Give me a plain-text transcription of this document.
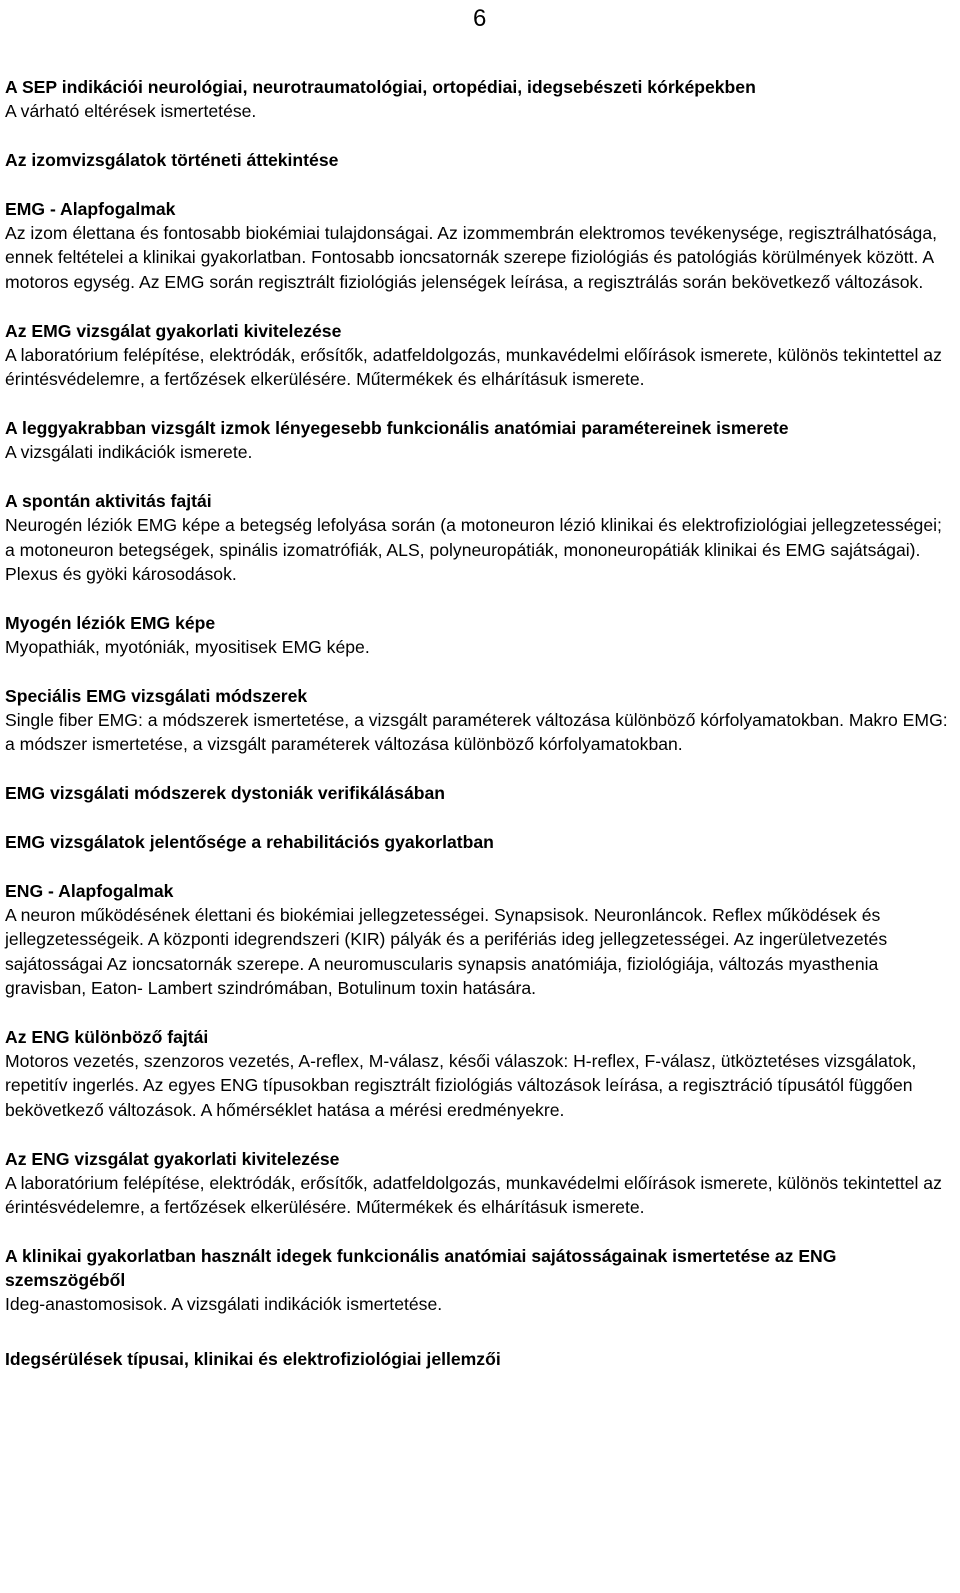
6

A SEP indikációi neurológiai, neurotraumatológiai, ortopédiai, idegsebészeti kórképekben

A várható eltérések ismertetése.

Az izomvizsgálatok történeti áttekintése

EMG - Alapfogalmak

Az izom élettana és fontosabb biokémiai tulajdonságai. Az izommembrán elektromos tevékenysége, regisztrálhatósága, ennek feltételei a klinikai gyakorlatban. Fontosabb ioncsatornák szerepe fiziológiás és patológiás körülmények között. A motoros egység. Az EMG során regisztrált fiziológiás jelenségek leírása, a regisztrálás során bekövetkező változások.

Az EMG vizsgálat gyakorlati kivitelezése

A laboratórium felépítése, elektródák, erősítők, adatfeldolgozás, munkavédelmi előírások ismerete, különös tekintettel az érintésvédelemre, a fertőzések elkerülésére. Műtermékek és elhárításuk ismerete.

A leggyakrabban vizsgált izmok lényegesebb funkcionális anatómiai paramétereinek ismerete

A vizsgálati indikációk ismerete.

A spontán aktivitás fajtái

Neurogén léziók EMG képe a betegség lefolyása során (a motoneuron lézió klinikai és elektrofiziológiai jellegzetességei; a motoneuron betegségek, spinális izomatrófiák, ALS, polyneuropátiák, mononeuropátiák klinikai és EMG sajátságai). Plexus és gyöki károsodások.

Myogén léziók EMG képe

Myopathiák, myotóniák, myositisek EMG képe.

Speciális EMG vizsgálati módszerek

Single fiber EMG: a módszerek ismertetése, a vizsgált paraméterek változása különböző kórfolyamatokban. Makro EMG: a módszer ismertetése, a vizsgált paraméterek változása különböző kórfolyamatokban.

EMG vizsgálati módszerek dystoniák verifikálásában

EMG vizsgálatok jelentősége a rehabilitációs gyakorlatban

ENG - Alapfogalmak

A neuron működésének élettani és biokémiai jellegzetességei. Synapsisok. Neuronláncok. Reflex működések és jellegzetességeik. A központi idegrendszeri (KIR) pályák és a perifériás ideg jellegzetességei. Az ingerületvezetés sajátosságai Az ioncsatornák szerepe. A neuromuscularis synapsis anatómiája, fiziológiája, változás myasthenia gravisban, Eaton- Lambert szindrómában, Botulinum toxin hatására.

Az ENG különböző fajtái

Motoros vezetés, szenzoros vezetés, A-reflex, M-válasz, késői válaszok: H-reflex, F-válasz, ütköztetéses vizsgálatok, repetitív ingerlés. Az egyes ENG típusokban regisztrált fiziológiás változások leírása, a regisztráció típusától függően bekövetkező változások. A hőmérséklet hatása a mérési eredményekre.

Az ENG vizsgálat gyakorlati kivitelezése

A laboratórium felépítése, elektródák, erősítők, adatfeldolgozás, munkavédelmi előírások ismerete, különös tekintettel az érintésvédelemre, a fertőzések elkerülésére. Műtermékek és elhárításuk ismerete.

A klinikai gyakorlatban használt idegek funkcionális anatómiai sajátosságainak ismertetése az ENG szemszögéből

Ideg-anastomosisok. A vizsgálati indikációk ismertetése.

Idegsérülések típusai, klinikai és elektrofiziológiai jellemzői
